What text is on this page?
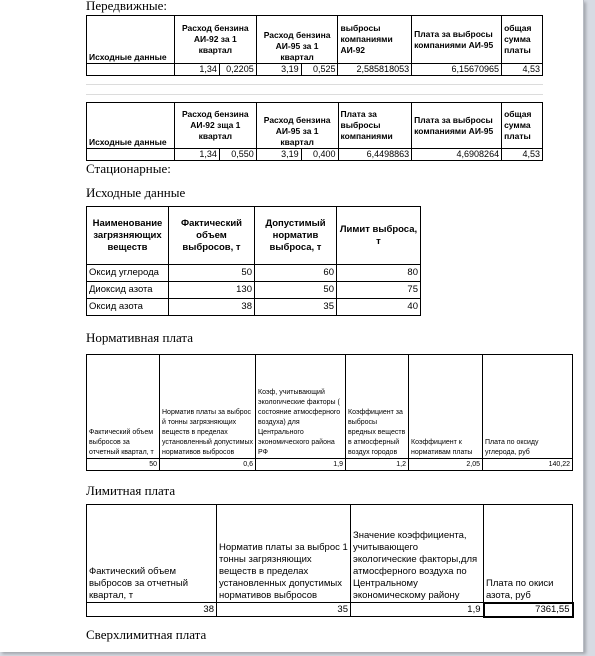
Передвижные:
Исходные данные	Расход бензина АИ-92 за 1 квартал		Расход бензина АИ-95 за 1 квартал		выбросы компаниями АИ-92	Плата за выбросы компаниями АИ-95	общая сумма платы
	1,34	0,2205	3,19	0,525	2,585818053	6,15670965	4,53
Исходные данные	Расход бензина АИ-92 зща 1 квартал		Расход бензина АИ-95 за 1 квартал		Плата за выбросы компаниями	Плата за выбросы компаниями АИ-95	общая сумма платы
	1,34	0,550	3,19	0,400	6,4498863	4,6908264	4,53
Стационарные:
Исходные данные
Наименование загрязняющих веществ	Фактический объем выбросов, т	Допустимый норматив выброса, т	Лимит выброса, т
Оксид углерода	50	60	80
Диоксид азота	130	50	75
Оксид азота	38	35	40
Нормативная плата
Фактический объем выбросов за отчетный квартал, т	Норматив платы за выброс й тонны загрязняющих веществ в пределах установленный допустимых нормативов выбросов	Коэф, учитывающий экологические факторы ( состояние атмосферного воздуха) для Центрального экономического района РФ	Коэффициент за выбросы вредных веществ в атмосферный воздух городов	Коэффициент к нормативам платы	Плата по оксиду углерода, руб
50	0,6	1,9	1,2	2,05	140,22
Лимитная плата
Фактический объем выбросов за отчетный квартал, т	Норматив платы за выброс 1 тонны загрязняющих веществ в пределах установленных допустимых нормативов выбросов	Значение коэффициента, учитывающего экологические факторы,для атмосферного воздуха по Центральному экономическому району	Плата по окиси азота, руб
38	35	1,9	7361,55
Сверхлимитная плата
